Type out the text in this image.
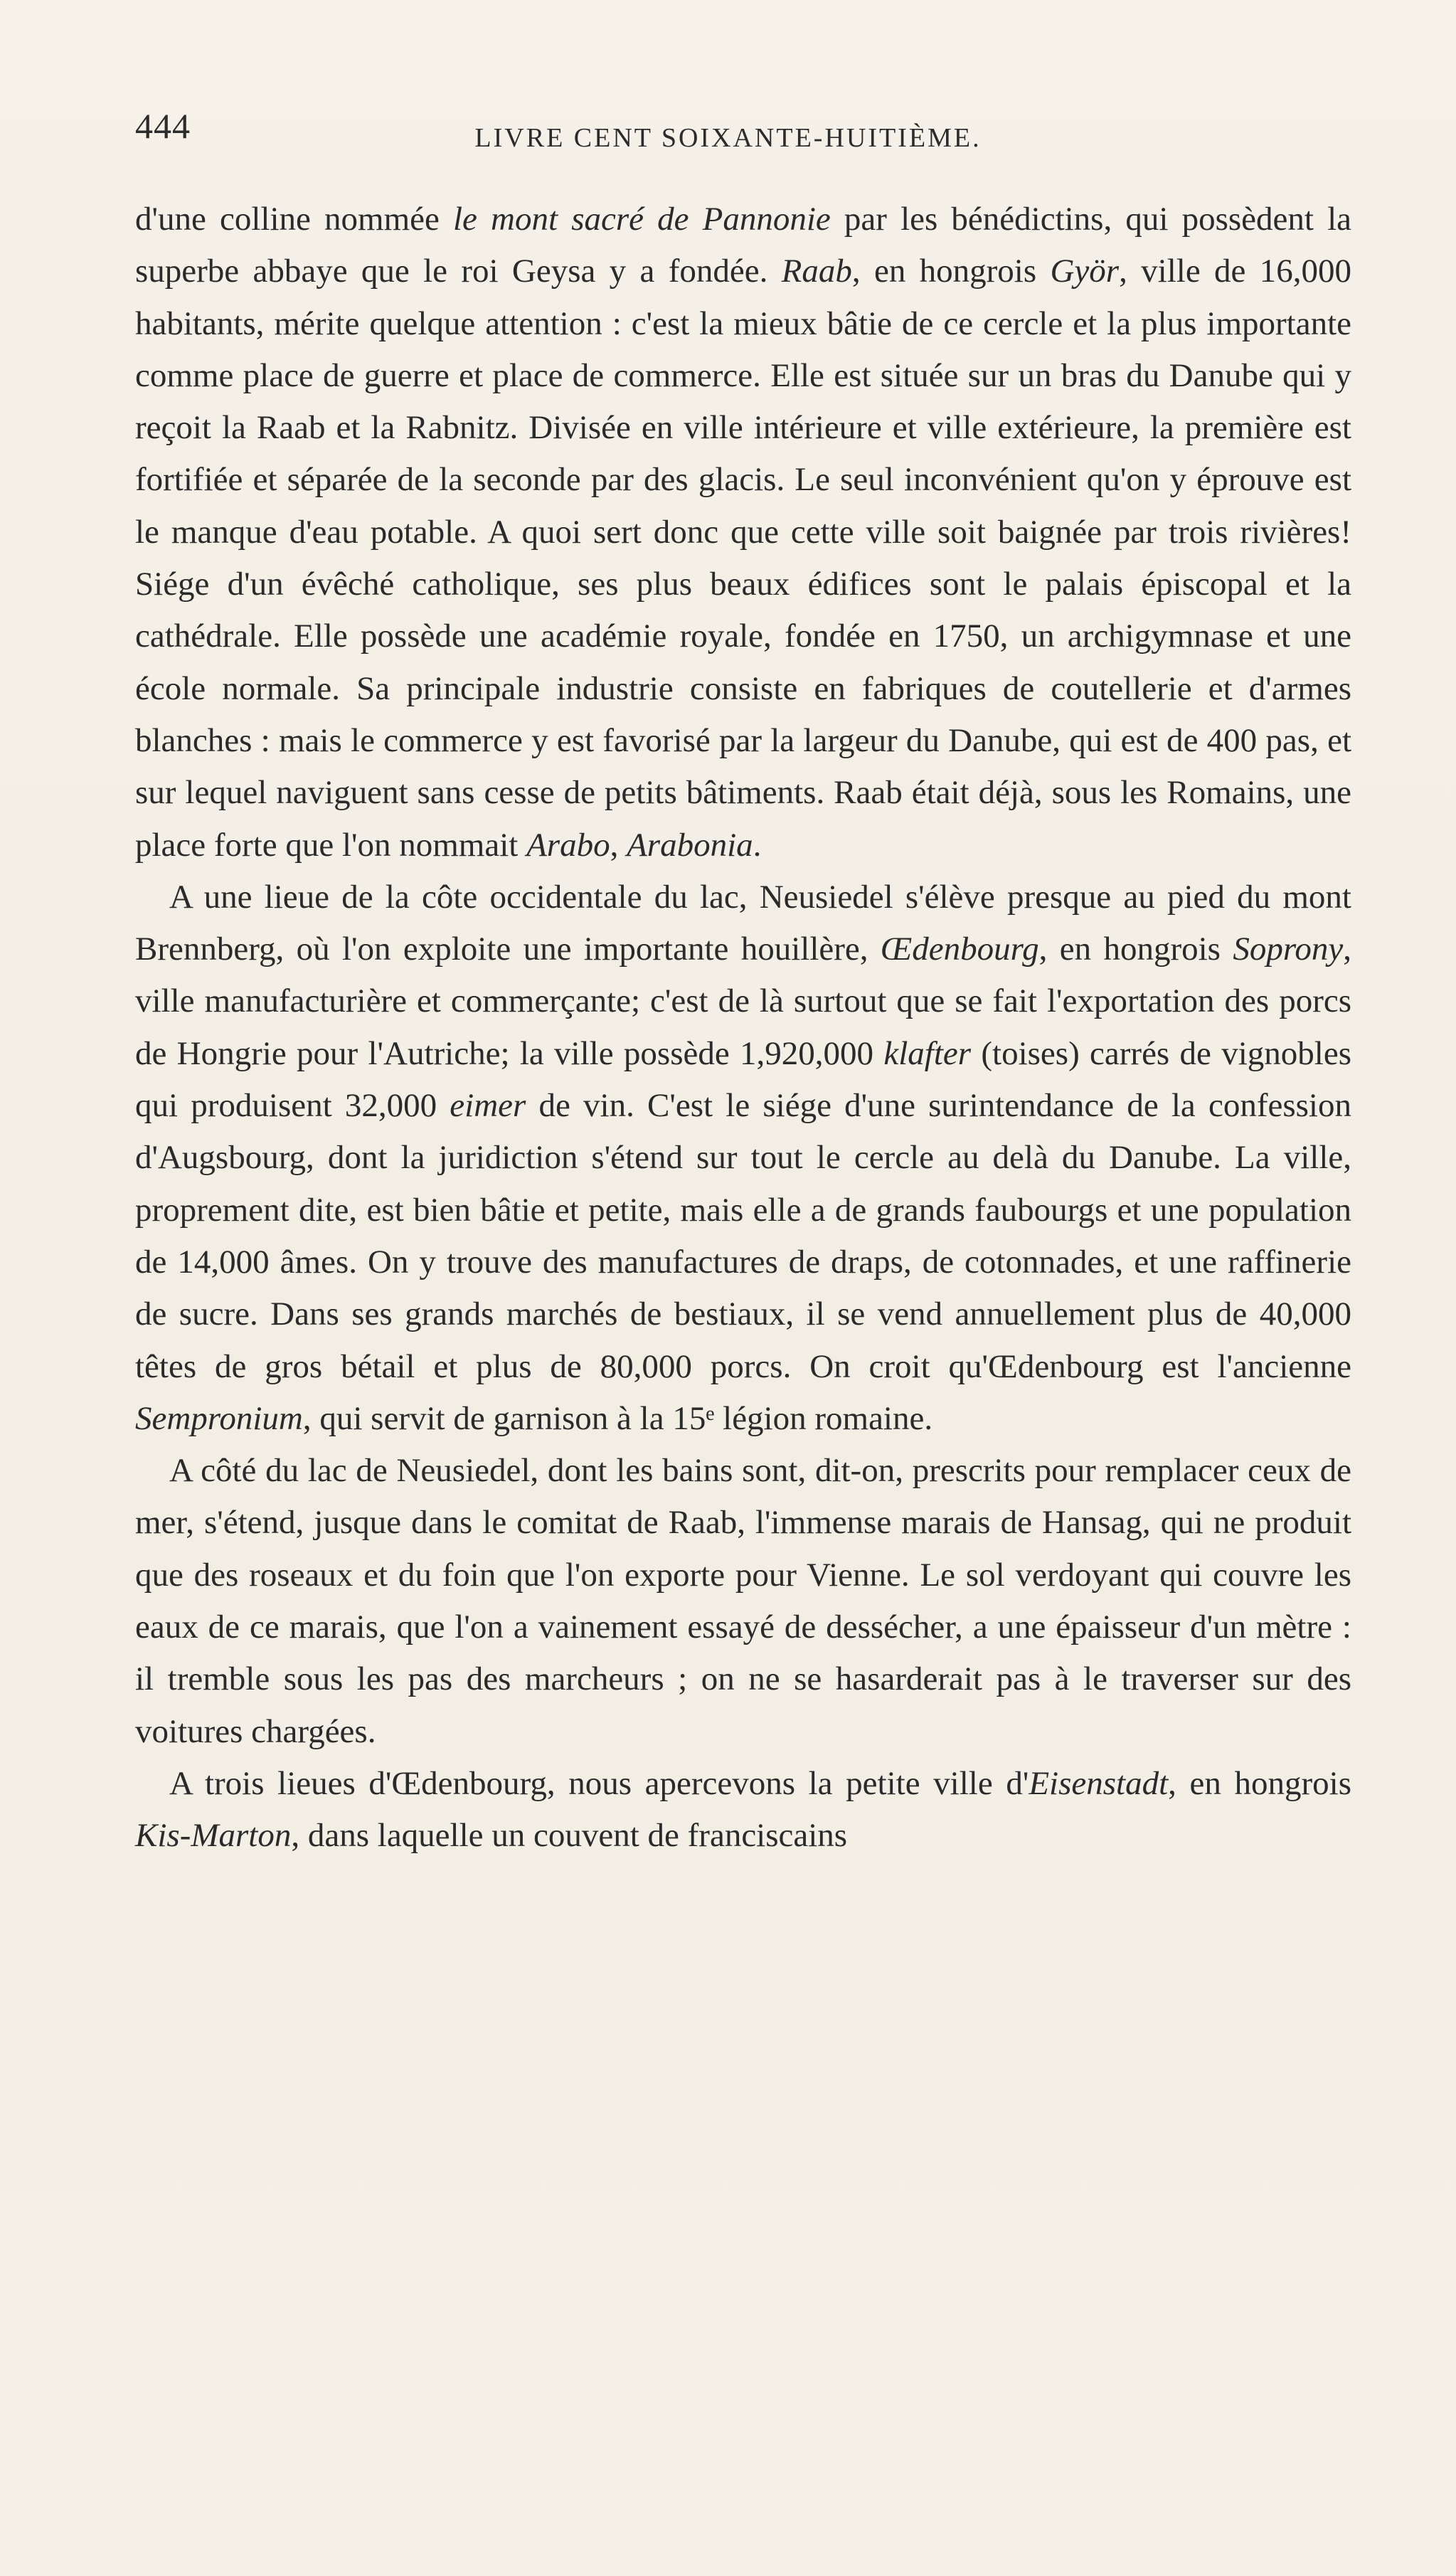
444	LIVRE CENT SOIXANTE-HUITIÈME.

d'une colline nommée le mont sacré de Pannonie par les bénédictins, qui possèdent la superbe abbaye que le roi Geysa y a fondée. Raab, en hongrois Györ, ville de 16,000 habitants, mérite quelque attention : c'est la mieux bâtie de ce cercle et la plus importante comme place de guerre et place de commerce. Elle est située sur un bras du Danube qui y reçoit la Raab et la Rabnitz. Divisée en ville intérieure et ville extérieure, la première est fortifiée et séparée de la seconde par des glacis. Le seul inconvénient qu'on y éprouve est le manque d'eau potable. A quoi sert donc que cette ville soit baignée par trois rivières! Siége d'un évêché catholique, ses plus beaux édifices sont le palais épiscopal et la cathédrale. Elle possède une académie royale, fondée en 1750, un archigymnase et une école normale. Sa principale industrie consiste en fabriques de coutellerie et d'armes blanches : mais le commerce y est favorisé par la largeur du Danube, qui est de 400 pas, et sur lequel naviguent sans cesse de petits bâtiments. Raab était déjà, sous les Romains, une place forte que l'on nommait Arabo, Arabonia.

A une lieue de la côte occidentale du lac, Neusiedel s'élève presque au pied du mont Brennberg, où l'on exploite une importante houillère, Œdenbourg, en hongrois Soprony, ville manufacturière et commerçante; c'est de là surtout que se fait l'exportation des porcs de Hongrie pour l'Autriche; la ville possède 1,920,000 klafter (toises) carrés de vignobles qui produisent 32,000 eimer de vin. C'est le siége d'une surintendance de la confession d'Augsbourg, dont la juridiction s'étend sur tout le cercle au delà du Danube. La ville, proprement dite, est bien bâtie et petite, mais elle a de grands faubourgs et une population de 14,000 âmes. On y trouve des manufactures de draps, de cotonnades, et une raffinerie de sucre. Dans ses grands marchés de bestiaux, il se vend annuellement plus de 40,000 têtes de gros bétail et plus de 80,000 porcs. On croit qu'Œdenbourg est l'ancienne Sempronium, qui servit de garnison à la 15ᵉ légion romaine.

A côté du lac de Neusiedel, dont les bains sont, dit-on, prescrits pour remplacer ceux de mer, s'étend, jusque dans le comitat de Raab, l'immense marais de Hansag, qui ne produit que des roseaux et du foin que l'on exporte pour Vienne. Le sol verdoyant qui couvre les eaux de ce marais, que l'on a vainement essayé de dessécher, a une épaisseur d'un mètre : il tremble sous les pas des marcheurs ; on ne se hasarderait pas à le traverser sur des voitures chargées.

A trois lieues d'Œdenbourg, nous apercevons la petite ville d'Eisenstadt, en hongrois Kis-Marton, dans laquelle un couvent de franciscains
